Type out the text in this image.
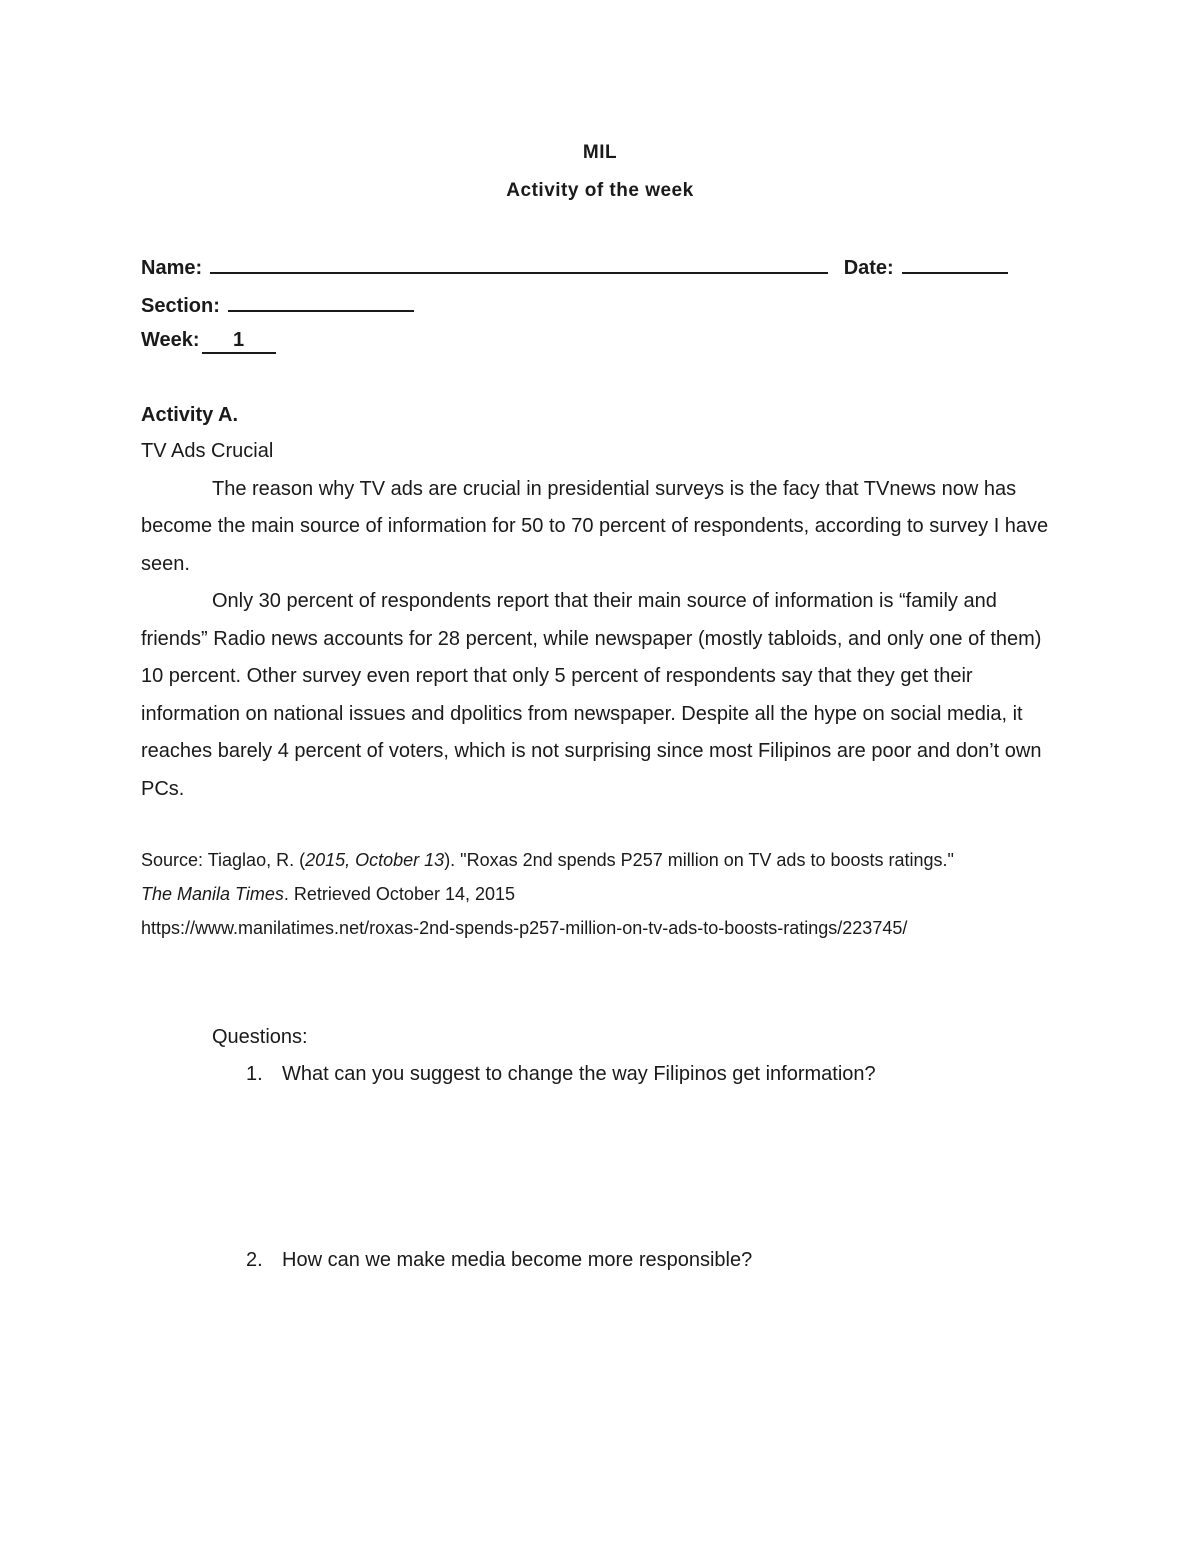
MIL
Activity of the week
Name:	Date:
Section:
Week: 1
Activity A.
TV Ads Crucial

The reason why TV ads are crucial in presidential surveys is the facy that TVnews now has become the main source of information for 50 to 70 percent of respondents, according to survey I have seen.

Only 30 percent of respondents report that their main source of information is “family and friends” Radio news accounts for 28 percent, while newspaper (mostly tabloids, and only one of them) 10 percent. Other survey even report that only 5 percent of respondents say that they get their information on national issues and dpolitics from newspaper. Despite all the hype on social media, it reaches barely 4 percent of voters, which is not surprising since most Filipinos are poor and don’t own PCs.

Source: Tiaglao, R. (2015, October 13). "Roxas 2nd spends P257 million on TV ads to boosts ratings."
The Manila Times. Retrieved October 14, 2015
https://www.manilatimes.net/roxas-2nd-spends-p257-million-on-tv-ads-to-boosts-ratings/223745/
Questions:
1. What can you suggest to change the way Filipinos get information?
2. How can we make media become more responsible?
